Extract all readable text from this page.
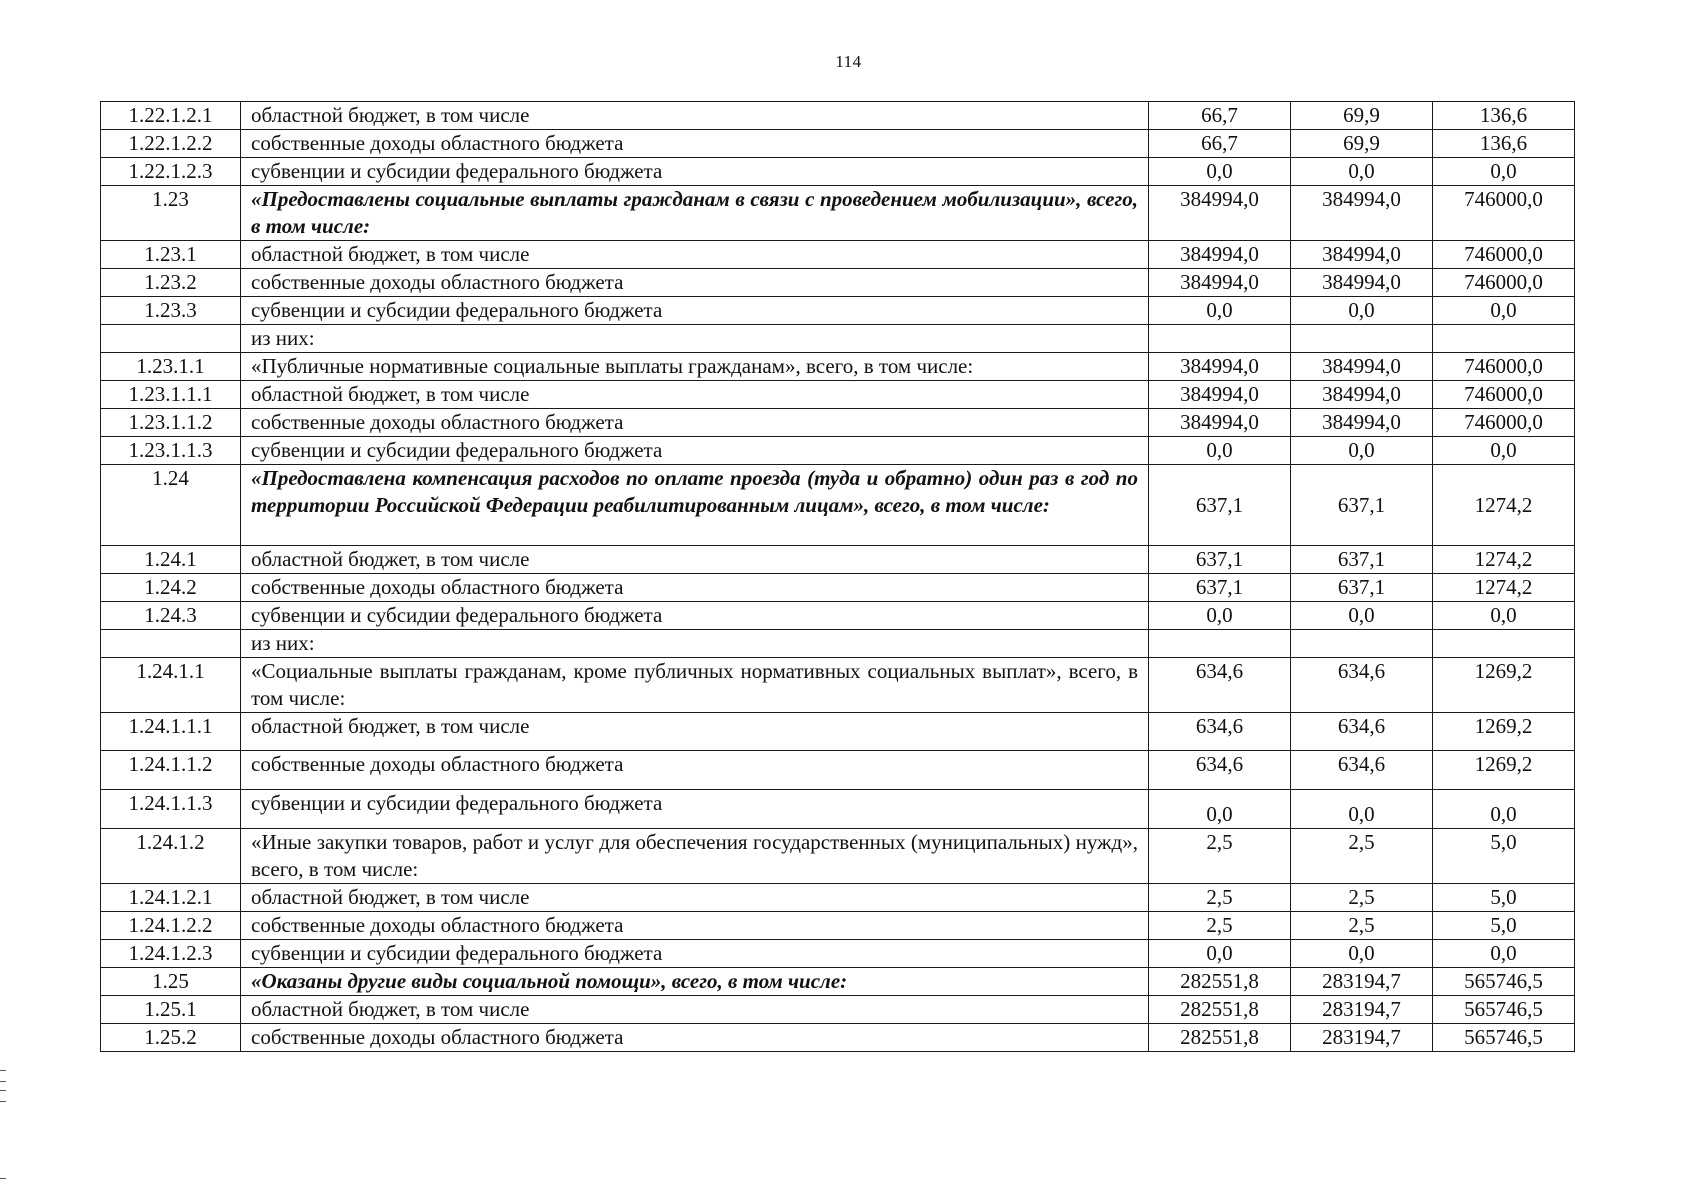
114
1.22.1.2.1	областной бюджет, в том числе	66,7	69,9	136,6
1.22.1.2.2	собственные доходы областного бюджета	66,7	69,9	136,6
1.22.1.2.3	субвенции и субсидии федерального бюджета	0,0	0,0	0,0
1.23	«Предоставлены социальные выплаты гражданам в связи с проведением мобилизации», всего, в том числе:	384994,0	384994,0	746000,0
1.23.1	областной бюджет, в том числе	384994,0	384994,0	746000,0
1.23.2	собственные доходы областного бюджета	384994,0	384994,0	746000,0
1.23.3	субвенции и субсидии федерального бюджета	0,0	0,0	0,0
	из них:			
1.23.1.1	«Публичные нормативные социальные выплаты гражданам», всего, в том числе:	384994,0	384994,0	746000,0
1.23.1.1.1	областной бюджет, в том числе	384994,0	384994,0	746000,0
1.23.1.1.2	собственные доходы областного бюджета	384994,0	384994,0	746000,0
1.23.1.1.3	субвенции и субсидии федерального бюджета	0,0	0,0	0,0
1.24	«Предоставлена компенсация расходов по оплате проезда (туда и обратно) один раз в год по территории Российской Федерации реабилитированным лицам», всего, в том числе:	637,1	637,1	1274,2
1.24.1	областной бюджет, в том числе	637,1	637,1	1274,2
1.24.2	собственные доходы областного бюджета	637,1	637,1	1274,2
1.24.3	субвенции и субсидии федерального бюджета	0,0	0,0	0,0
	из них:			
1.24.1.1	«Социальные выплаты гражданам, кроме публичных нормативных социальных выплат», всего, в том числе:	634,6	634,6	1269,2
1.24.1.1.1	областной бюджет, в том числе	634,6	634,6	1269,2
1.24.1.1.2	собственные доходы областного бюджета	634,6	634,6	1269,2
1.24.1.1.3	субвенции и субсидии федерального бюджета	0,0	0,0	0,0
1.24.1.2	«Иные закупки товаров, работ и услуг для обеспечения государственных (муниципальных) нужд», всего, в том числе:	2,5	2,5	5,0
1.24.1.2.1	областной бюджет, в том числе	2,5	2,5	5,0
1.24.1.2.2	собственные доходы областного бюджета	2,5	2,5	5,0
1.24.1.2.3	субвенции и субсидии федерального бюджета	0,0	0,0	0,0
1.25	«Оказаны другие виды социальной помощи», всего, в том числе:	282551,8	283194,7	565746,5
1.25.1	областной бюджет, в том числе	282551,8	283194,7	565746,5
1.25.2	собственные доходы областного бюджета	282551,8	283194,7	565746,5
